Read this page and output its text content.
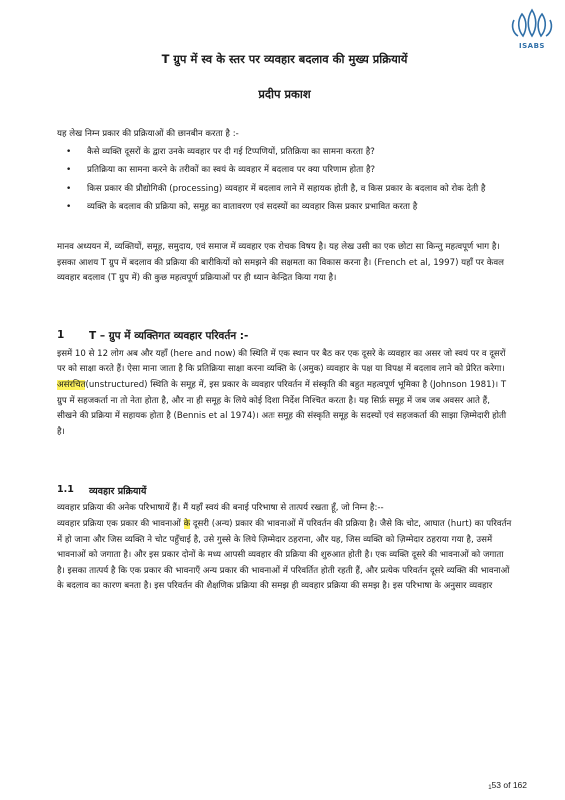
ISABS
T ग्रुप में स्व के स्तर पर व्यवहार बदलाव की मुख्य प्रक्रियायें
प्रदीप प्रकाश

यह लेख निम्न प्रकार की प्रक्रियाओं की छानबीन करता है :-

• कैसे व्यक्ति दूसरों के द्वारा उनके व्यवहार पर दी गई टिप्पणियों, प्रतिक्रिया का सामना करता है?
• प्रतिक्रिया का सामना करने के तरीकों का स्वयं के व्यवहार में बदलाव पर क्या परिणाम होता है?
• किस प्रकार की प्रौद्योगिकी (processing) व्यवहार में बदलाव लाने में सहायक होती है, व किस प्रकार के बदलाव को रोक देती है
• व्यक्ति के बदलाव की प्रक्रिया को, समूह का वातावरण एवं सदस्यों का व्यवहार किस प्रकार प्रभावित करता है

मानव अध्ययन में, व्यक्तियों, समूह, समुदाय, एवं समाज में व्यवहार एक रोचक विषय है। यह लेख उसी का एक छोटा सा किन्तु महत्वपूर्ण भाग है। इसका आशय T ग्रुप में बदलाव की प्रक्रिया की बारीकियों को समझने की सक्षमता का विकास करना है। (French et al, 1997) यहाँ पर केवल व्यवहार बदलाव (T ग्रुप में) की कुछ महत्वपूर्ण प्रक्रियाओं पर ही ध्यान केन्द्रित किया गया है।

1	T – ग्रुप में व्यक्तिगत व्यवहार परिवर्तन :-

इसमें 10 से 12 लोग अब और यहाँ (here and now) की स्थिति में एक स्थान पर बैठ कर एक दूसरे के व्यवहार का असर जो स्वयं पर व दूसरों पर को साक्षा करते हैं। ऐसा माना जाता है कि प्रतिक्रिया साक्षा करना व्यक्ति के (अमुक) व्यवहार के पक्ष या विपक्ष में बदलाव लाने को प्रेरित करेगा। असंरचित(unstructured) स्थिति के समूह में, इस प्रकार के व्यवहार परिवर्तन में संस्कृति की बहुत महत्वपूर्ण भूमिका है (Johnson 1981)। T ग्रुप में सहजकर्ता ना तो नेता होता है, और ना ही समूह के लिये कोई दिशा निर्देश निश्चित करता है। यह सिर्फ़ समूह में जब जब अवसर आते हैं, सीखने की प्रक्रिया में सहायक होता है (Bennis et al 1974)। अतः समूह की संस्कृति समूह के सदस्यों एवं सहजकर्ता की साझा ज़िम्मेदारी होती है।

1.1	व्यवहार प्रक्रियायें

व्यवहार प्रक्रिया की अनेक परिभाषायें हैं। मैं यहाँ स्वयं की बनाई परिभाषा से तात्पर्य रखता हूँ, जो निम्न है:--

व्यवहार प्रक्रिया एक प्रकार की भावनाओं के दूसरी (अन्य) प्रकार की भावनाओं में परिवर्तन की प्रक्रिया है। जैसे कि चोट, आघात (hurt) का परिवर्तन में हो जाना और जिस व्यक्ति ने चोट पहुँचाई है, उसे गुस्से के लिये ज़िम्मेदार ठहराना, और यह, जिस व्यक्ति को ज़िम्मेदार ठहराया गया है, उसमें भावनाओं को जगाता है। और इस प्रकार दोनों के मध्य आपसी व्यवहार की प्रक्रिया की शुरुआत होती है। एक व्यक्ति दूसरे की भावनाओं को जगाता है। इसका तात्पर्य है कि एक प्रकार की भावनाएँ अन्य प्रकार की भावनाओं में परिवर्तित होती रहती हैं, और प्रत्येक परिवर्तन दूसरे व्यक्ति की भावनाओं के बदलाव का कारण बनता है। इस परिवर्तन की शैक्षणिक प्रक्रिया की समझ ही व्यवहार प्रक्रिया की समझ है। इस परिभाषा के अनुसार व्यवहार

$_1$53 of 162
